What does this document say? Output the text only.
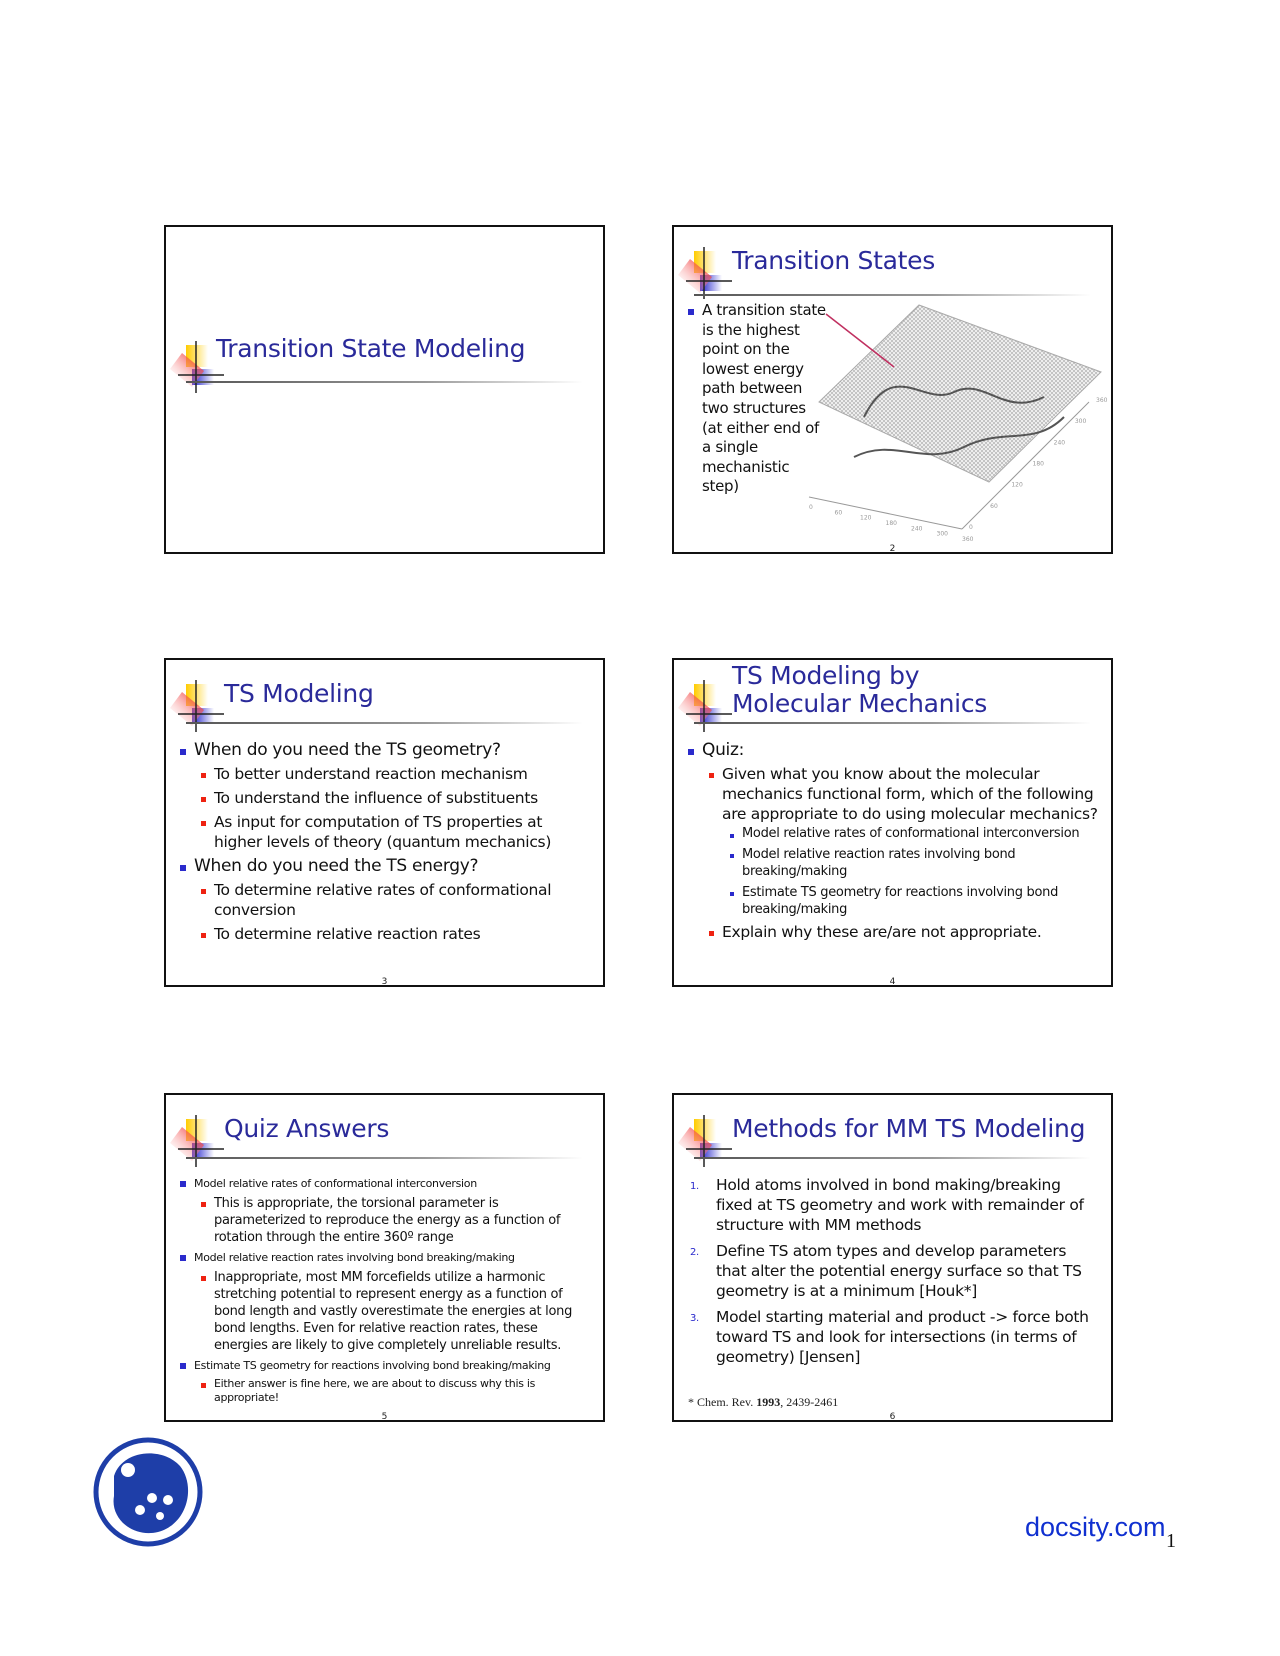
Transition State Modeling
Transition States
0
60
120
180
240
300
360
0
60
120
180
240
300
360
A transition state is the highest point on the lowest energy path between two structures (at either end of a single mechanistic step)
2
TS Modeling
When do you need the TS geometry?
To better understand reaction mechanism
To understand the influence of substituents
As input for computation of TS properties at higher levels of theory (quantum mechanics)
When do you need the TS energy?
To determine relative rates of conformational conversion
To determine relative reaction rates
3
TS Modeling by Molecular Mechanics
Quiz:
Given what you know about the molecular mechanics functional form, which of the following are appropriate to do using molecular mechanics?
Model relative rates of conformational interconversion
Model relative reaction rates involving bond breaking/making
Estimate TS geometry for reactions involving bond breaking/making
Explain why these are/are not appropriate.
4
Quiz Answers
Model relative rates of conformational interconversion
This is appropriate, the torsional parameter is parameterized to reproduce the energy as a function of rotation through the entire 360º range
Model relative reaction rates involving bond breaking/making
Inappropriate, most MM forcefields utilize a harmonic stretching potential to represent energy as a function of bond length and vastly overestimate the energies at long bond lengths. Even for relative reaction rates, these energies are likely to give completely unreliable results.
Estimate TS geometry for reactions involving bond breaking/making
Either answer is fine here, we are about to discuss why this is appropriate!
5
Methods for MM TS Modeling
1. Hold atoms involved in bond making/breaking fixed at TS geometry and work with remainder of structure with MM methods
2. Define TS atom types and develop parameters that alter the potential energy surface so that TS geometry is at a minimum [Houk*]
3. Model starting material and product -> force both toward TS and look for intersections (in terms of geometry) [Jensen]
* Chem. Rev. 1993, 2439-2461
6
docsity.com 1
